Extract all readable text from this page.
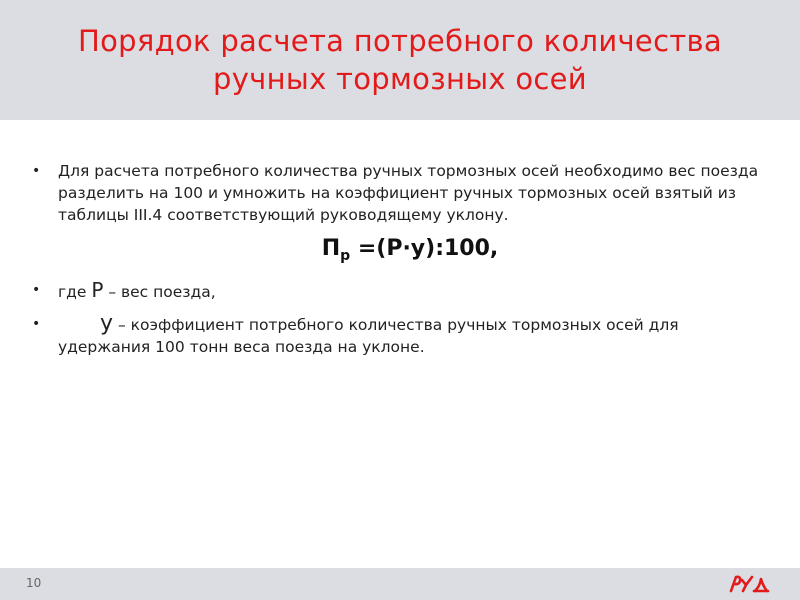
Порядок расчета потребного количества
ручных тормозных осей
•	Для расчета потребного количества ручных тормозных осей необходимо вес поезда разделить на 100 и умножить на коэффициент ручных тормозных осей взятый из таблицы III.4 соответствующий руководящему уклону.
$П_р$ =(Р·у):100,
•	где Р – вес поезда,
•	у – коэффициент потребного количества ручных тормозных осей для удержания 100 тонн веса поезда на уклоне.
10
